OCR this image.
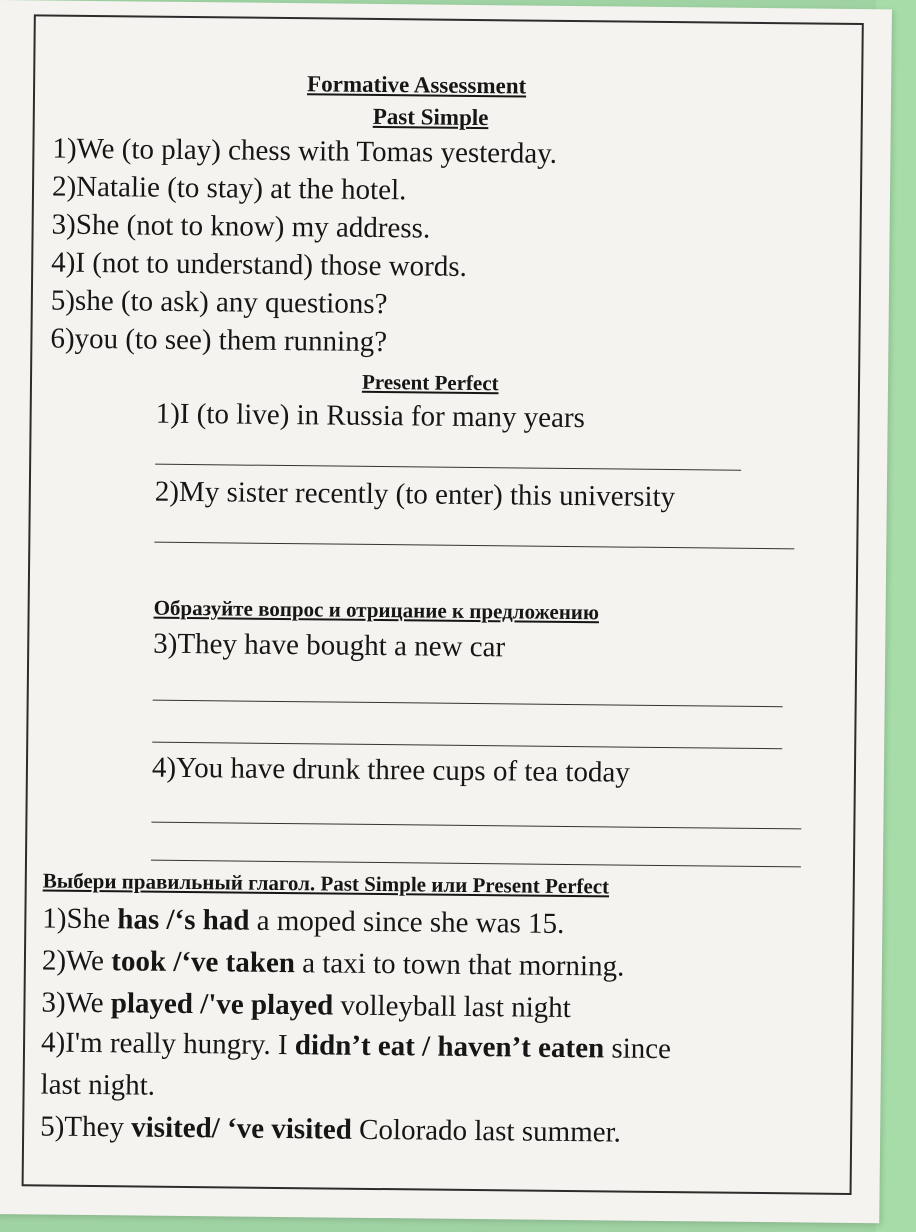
Formative Assessment
Past Simple
1)We (to play) chess with Tomas yesterday.
2)Natalie (to stay) at the hotel.
3)She (not to know) my address.
4)I (not to understand) those words.
5)she (to ask) any questions?
6)you (to see) them running?
Present Perfect
1)I (to live) in Russia for many years
2)My sister recently (to enter) this university
Образуйте вопрос и отрицание к предложению
3)They have bought a new car
4)You have drunk three cups of tea today
Выбери правильный глагол. Past Simple или Present Perfect
1)She has /‘s had a moped since she was 15.
2)We took /‘ve taken a taxi to town that morning.
3)We played /'ve played volleyball last night
4)I'm really hungry. I didn’t eat / haven’t eaten since
last night.
5)They visited/ ‘ve visited Colorado last summer.
